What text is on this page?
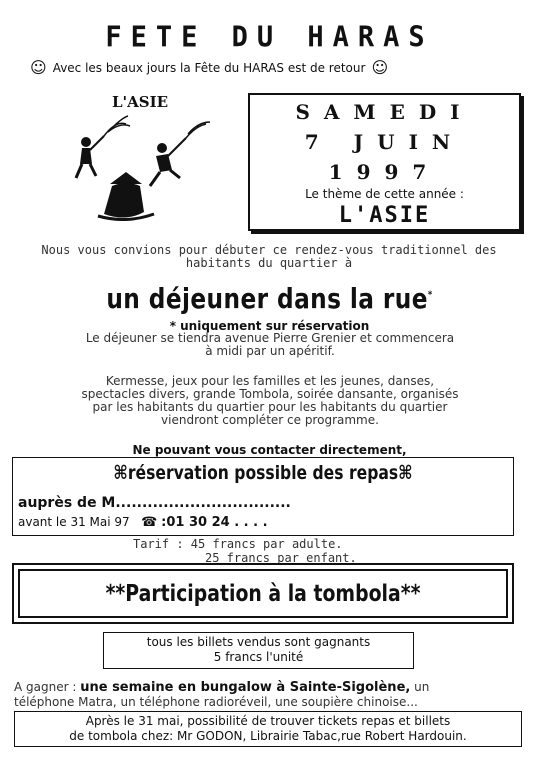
FETE DU HARAS
☺ Avec les beaux jours la Fête du HARAS est de retour ☺
L'ASIE	SAMEDI
7 JUIN
1997
Le thème de cette année :
L'ASIE
Nous vous convions pour débuter ce rendez-vous traditionnel des
habitants du quartier à
un déjeuner dans la rue*
* uniquement sur réservation
Le déjeuner se tiendra avenue Pierre Grenier et commencera
à midi par un apéritif.
Kermesse, jeux pour les familles et les jeunes, danses,
spectacles divers, grande Tombola, soirée dansante, organisés
par les habitants du quartier pour les habitants du quartier
viendront compléter ce programme.
Ne pouvant vous contacter directement,
⌘réservation possible des repas⌘
auprès de M.................................
avant le 31 Mai 97 ☎ :01 30 24 . . . .
Tarif : 45 francs par adulte.
25 francs par enfant.
**Participation à la tombola**
tous les billets vendus sont gagnants
5 francs l'unité
A gagner : une semaine en bungalow à Sainte-Sigolène, un
téléphone Matra, un téléphone radioréveil, une soupière chinoise...
Après le 31 mai, possibilité de trouver tickets repas et billets
de tombola chez: Mr GODON, Librairie Tabac,rue Robert Hardouin.
